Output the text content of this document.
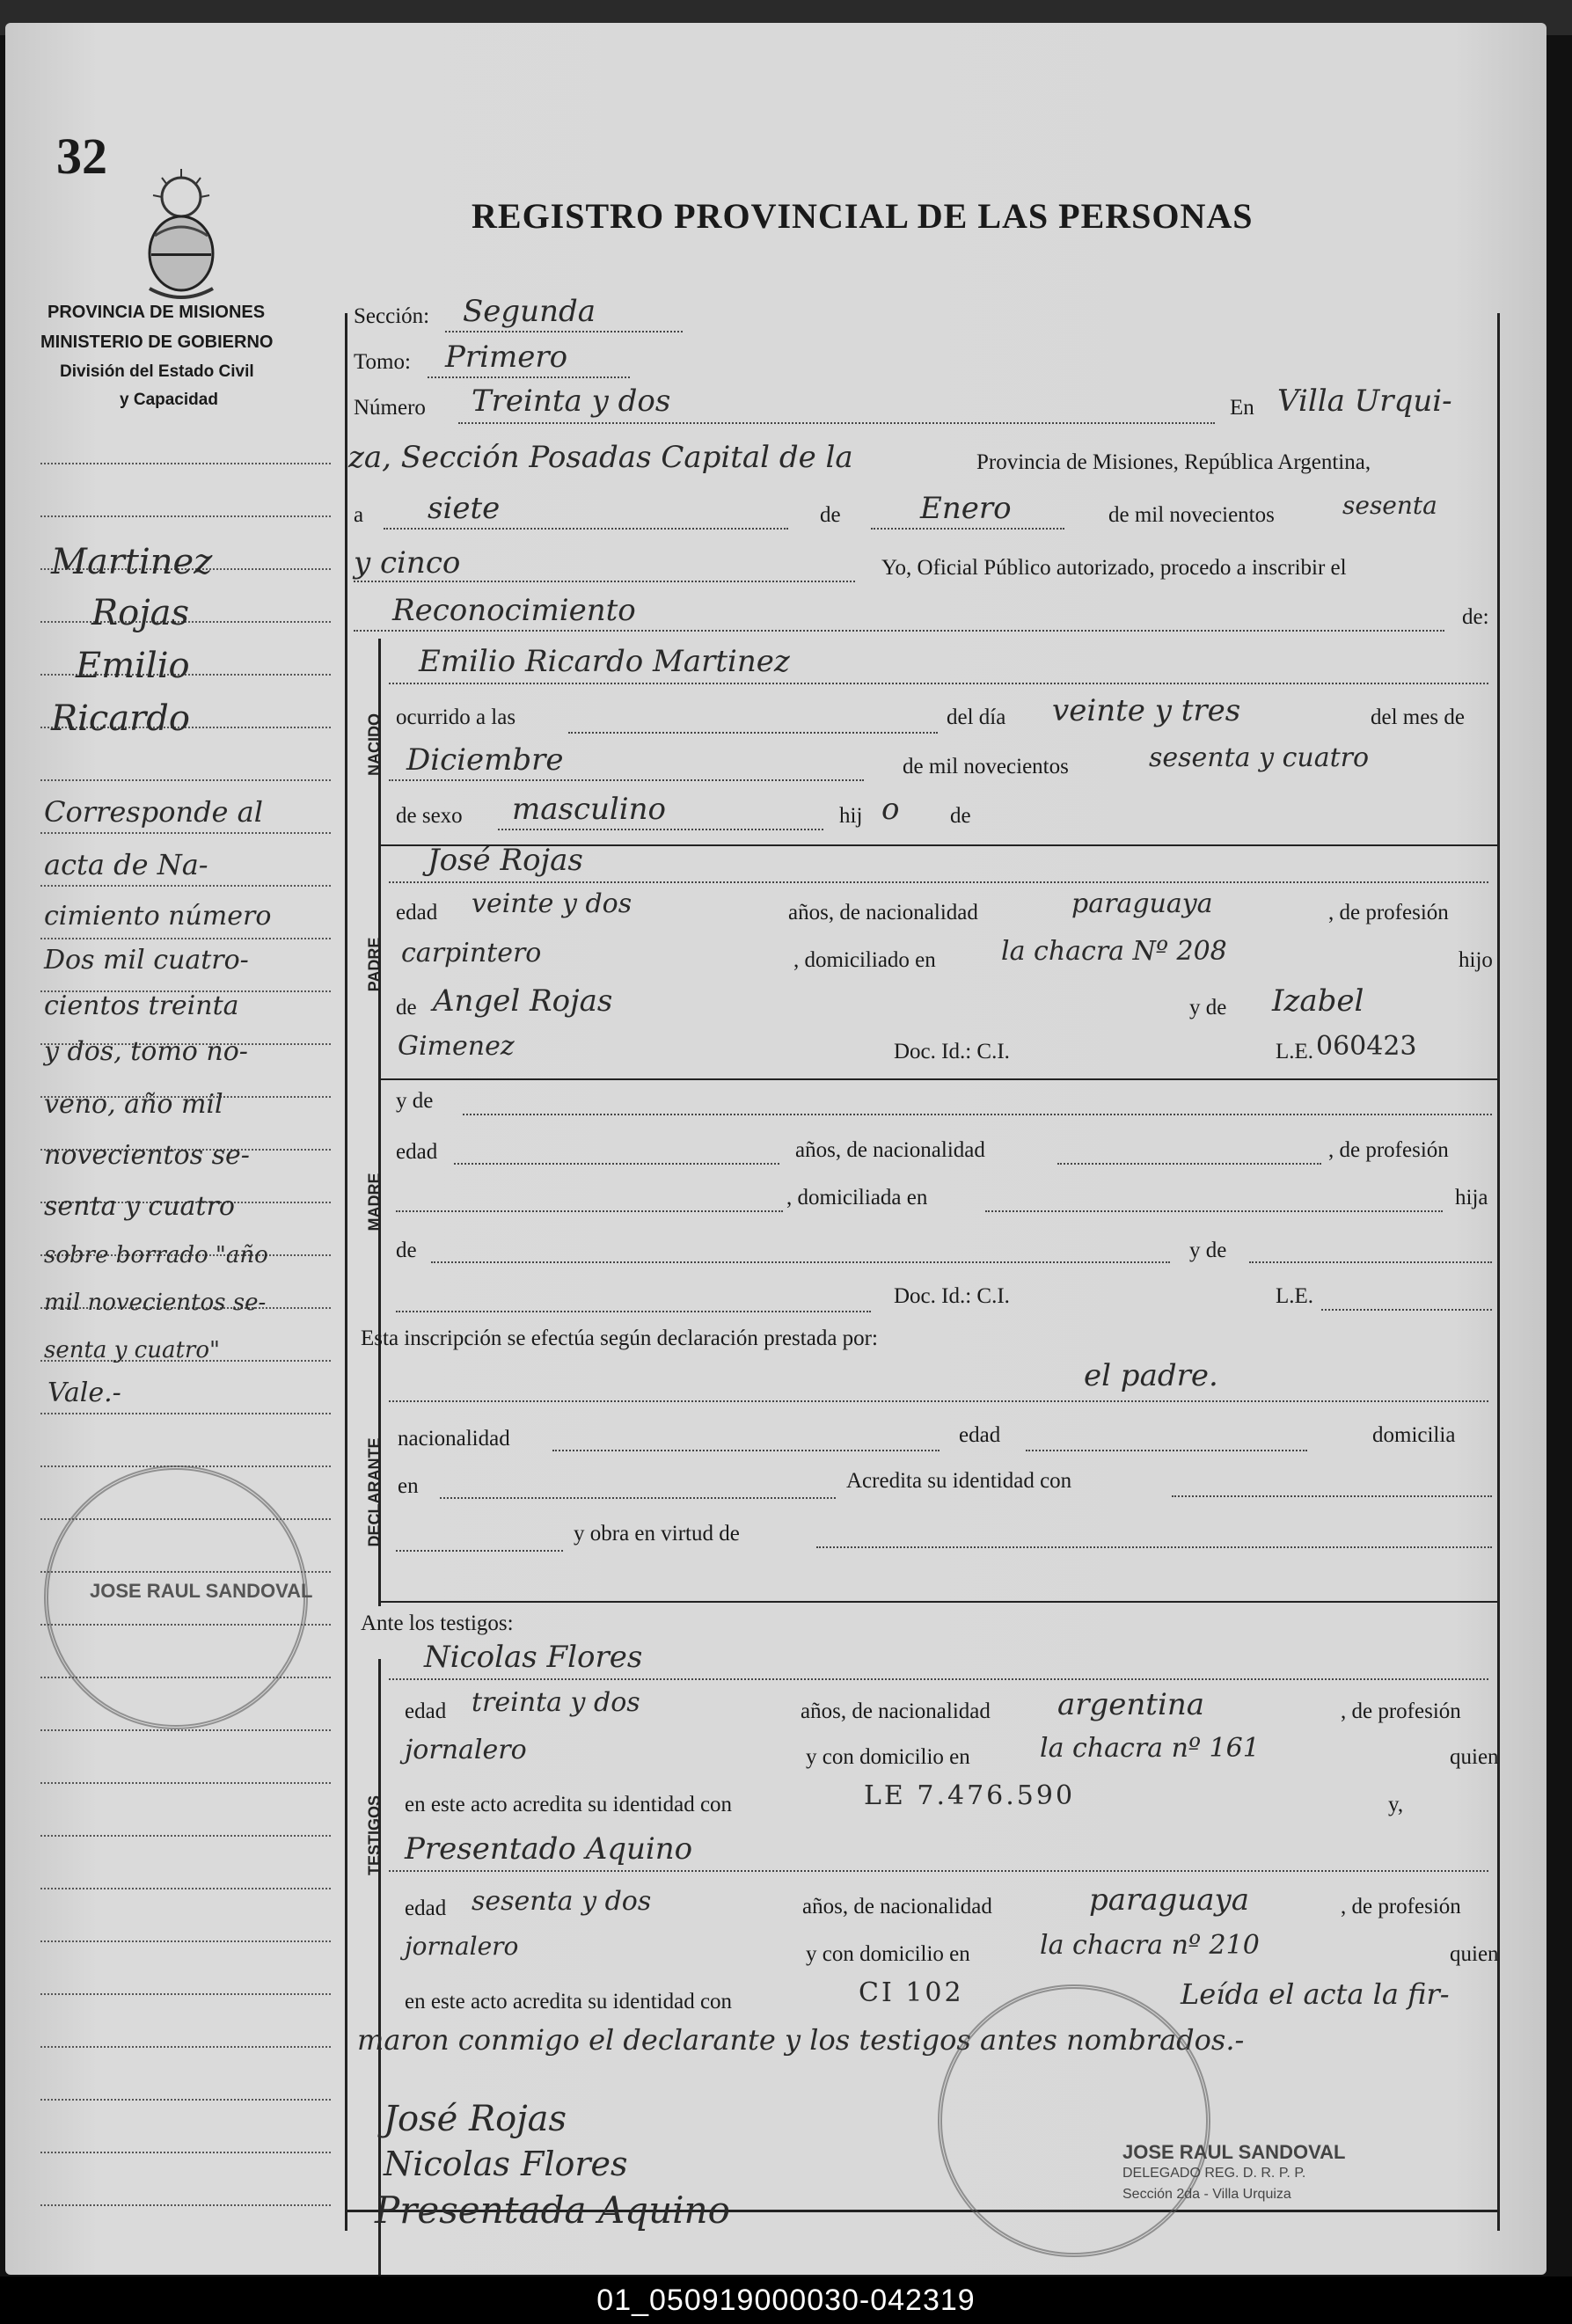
32
REGISTRO PROVINCIAL DE LAS PERSONAS
PROVINCIA DE MISIONES
MINISTERIO DE GOBIERNO
División del Estado Civil
y Capacidad
Martinez
Rojas
Emilio
Ricardo
Corresponde al
acta de Na-
cimiento número
Dos mil cuatro-
cientos treinta
y dos, tomo no-
veno, año mil
novecientos se-
senta y cuatro
sobre borrado "año
mil novecientos se-
senta y cuatro"
Vale.-
Sección: Segunda
Tomo: Primero
Número Treinta y dos	En Villa Urqui-
za, Sección Posadas Capital de la	Provincia de Misiones, República Argentina,
a siete	de	Enero	de mil novecientos	sesenta
y cinco	Yo, Oficial Público autorizado, procedo a inscribir el
Reconocimiento	de:
NACIDO
Emilio Ricardo Martinez
ocurrido a las	del día veinte y tres	del mes de
Diciembre	de mil novecientos	sesenta y cuatro
de sexo masculino	hij o de
PADRE
José Rojas
edad veinte y dos	años, de nacionalidad	paraguaya	, de profesión
carpintero	, domiciliado en la chacra Nº 208	hijo
de Angel Rojas	y de Izabel
Gimenez	Doc. Id.: C.I.	L.E. 060423
MADRE
y de
edad	años, de nacionalidad	, de profesión
, domiciliada en	hija
de	y de
Doc. Id.: C.I.	L.E.
Esta inscripción se efectúa según declaración prestada por:
el padre.
DECLARANTE nacionalidad	edad	domicilia
en	Acredita su identidad con
y obra en virtud de
Ante los testigos:
TESTIGOS
Nicolas Flores
edad treinta y dos	años, de nacionalidad argentina	, de profesión
jornalero	y con domicilio en	la chacra nº 161	quien
en este acto acredita su identidad con	LE 7.476.590	y,
Presentado Aquino
edad sesenta y dos	años, de nacionalidad	paraguaya	, de profesión
jornalero	y con domicilio en	la chacra nº 210	quien
en este acto acredita su identidad con	CI 102	Leída el acta la fir-
maron conmigo el declarante y los testigos antes nombrados.-
José Rojas
Nicolas Flores
Presentada Aquino
JOSE RAUL SANDOVAL
JOSE RAUL SANDOVAL
DELEGADO REG. D. R. P. P.
Sección 2da - Villa Urquiza
01_050919000030-042319
